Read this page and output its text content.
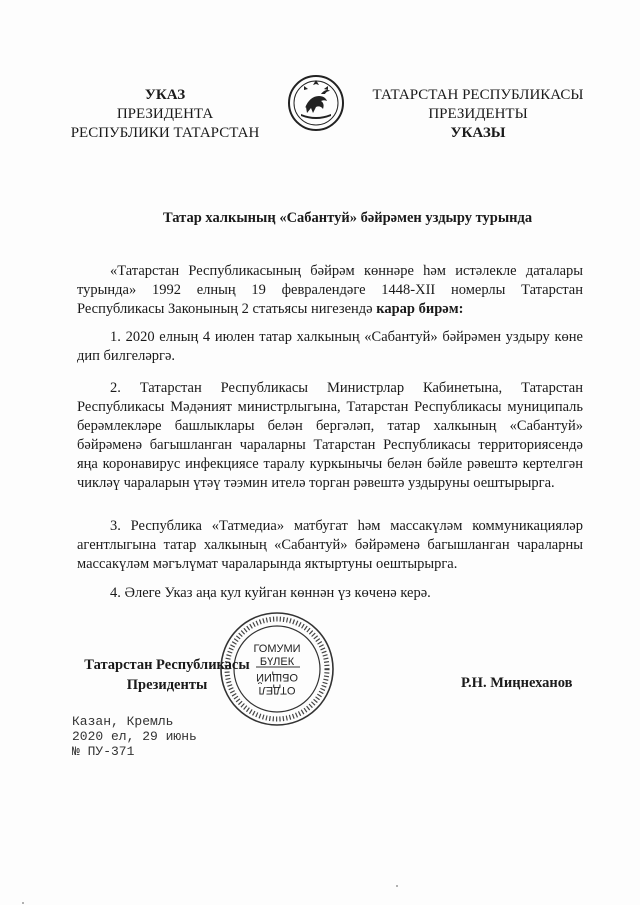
УКАЗ
ПРЕЗИДЕНТА
РЕСПУБЛИКИ ТАТАРСТАН
ТАТАРСТАН РЕСПУБЛИКАСЫ
ПРЕЗИДЕНТЫ
УКАЗЫ
Татар халкының «Сабантуй» бәйрәмен уздыру турында
«Татарстан Республикасының бәйрәм көннәре һәм истәлекле даталары турында» 1992 елның 19 февралендәге 1448-XII номерлы Татарстан Республикасы Законының 2 статьясы нигезендә карар бирәм:
1. 2020 елның 4 июлен татар халкының «Сабантуй» бәйрәмен уздыру көне дип билгеләргә.
2. Татарстан Республикасы Министрлар Кабинетына, Татарстан Республикасы Мәдәният министрлыгына, Татарстан Республикасы муниципаль берәмлекләре башлыклары белән бергәләп, татар халкының «Сабантуй» бәйрәменә багышланган чараларны Татарстан Республикасы территориясендә яңа коронавирус инфекциясе таралу куркынычы белән бәйле рәвештә кертелгән чикләү чараларын үтәү тәэмин ителә торган рәвештә уздыруны оештырырга.
3. Республика «Татмедиа» матбугат һәм массакүләм коммуникацияләр агентлыгына татар халкының «Сабантуй» бәйрәменә багышланган чараларны массакүләм мәгълүмат чараларында яктыртуны оештырырга.
4. Әлеге Указ аңа кул куйган көннән үз көченә керә.
ГОМУМИ
БҮЛЕК
ОБЩИЙ
ОТДЕЛ
Татарстан Республикасы
Президенты	Р.Н. Миңнеханов
Казан, Кремль
2020 ел, 29 июнь
№ ПУ-371
